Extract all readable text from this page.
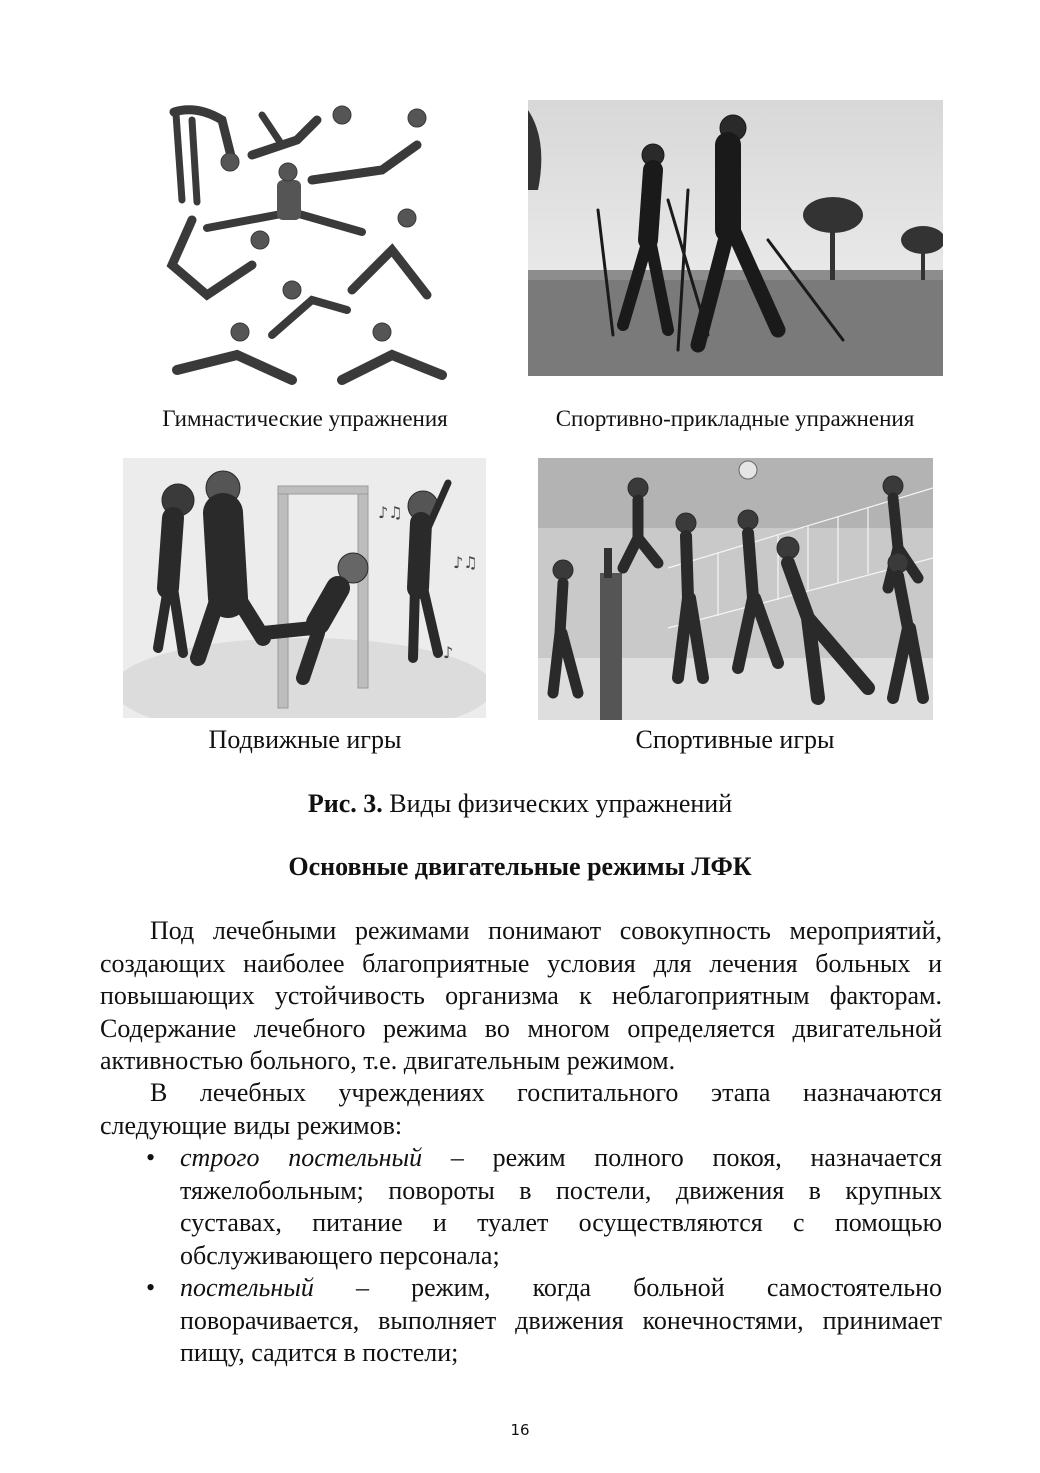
♪♫
♪♫
♪
Гимнастические упражнения	Спортивно-прикладные упражнения
Подвижные игры	Спортивные игры
Рис. 3. Виды физических упражнений
Основные двигательные режимы ЛФК

Под лечебными режимами понимают совокупность мероприятий, создающих наиболее благоприятные условия для лечения больных и повышающих устойчивость организма к неблагоприятным факторам. Содержание лечебного режима во многом определяется двигательной активностью больного, т.е. двигательным режимом.

В лечебных учреждениях госпитального этапа назначаются следующие виды режимов:

• строго постельный – режим полного покоя, назначается тяжелобольным; повороты в постели, движения в крупных суставах, питание и туалет осуществляются с помощью обслуживающего персонала;
• постельный – режим, когда больной самостоятельно поворачивается, выполняет движения конечностями, принимает пищу, садится в постели;
16
